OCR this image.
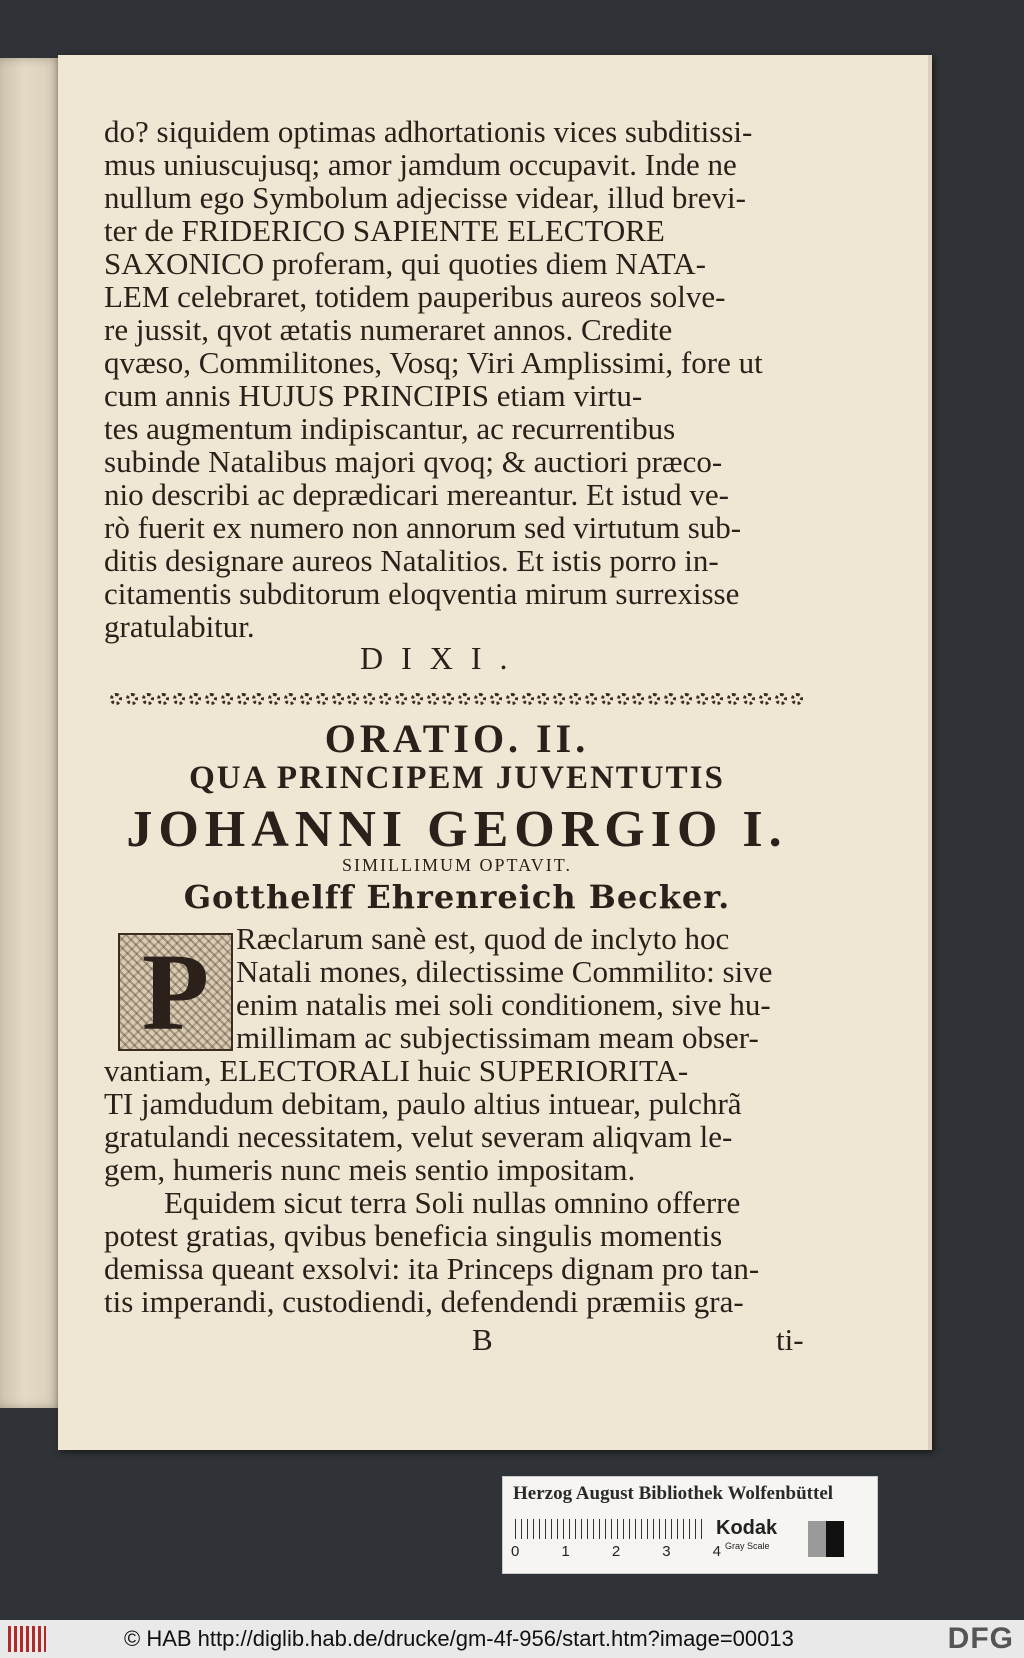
do? siquidem optimas adhortationis vices subditissi-
mus uniuscujusq; amor jamdum occupavit. Inde ne
nullum ego Symbolum adjecisse videar, illud brevi-
ter de FRIDERICO SAPIENTE ELECTORE
SAXONICO proferam, qui quoties diem NATA-
LEM celebraret, totidem pauperibus aureos solve-
re jussit, qvot ætatis numeraret annos. Credite
qvæso, Commilitones, Vosq; Viri Amplissimi, fore ut
cum annis HUJUS PRINCIPIS etiam virtu-
tes augmentum indipiscantur, ac recurrentibus
subinde Natalibus majori qvoq; & auctiori præco-
nio describi ac deprædicari mereantur. Et istud ve-
rò fuerit ex numero non annorum sed virtutum sub-
ditis designare aureos Natalitios. Et istis porro in-
citamentis subditorum eloqventia mirum surrexisse
gratulabitur.
DIXI.
ORATIO. II.
QUA PRINCIPEM JUVENTUTIS
JOHANNI GEORGIO I.
SIMILLIMUM OPTAVIT.
Gotthelff Ehrenreich Becker.
P Ræclarum sanè est, quod de inclyto hoc
Natali mones, dilectissime Commilito: sive
enim natalis mei soli conditionem, sive hu-
millimam ac subjectissimam meam obser-
vantiam, ELECTORALI huic SUPERIORITA-
TI jamdudum debitam, paulo altius intuear, pulchrã
gratulandi necessitatem, velut severam aliqvam le-
gem, humeris nunc meis sentio impositam.
Equidem sicut terra Soli nullas omnino offerre
potest gratias, qvibus beneficia singulis momentis
demissa queant exsolvi: ita Princeps dignam pro tan-
tis imperandi, custodiendi, defendendi præmiis gra-
B	ti-
Herzog August Bibliothek Wolfenbüttel
0	1	2	3	4
Kodak
Gray Scale
© HAB http://diglib.hab.de/drucke/gm-4f-956/start.htm?image=00013	DFG
